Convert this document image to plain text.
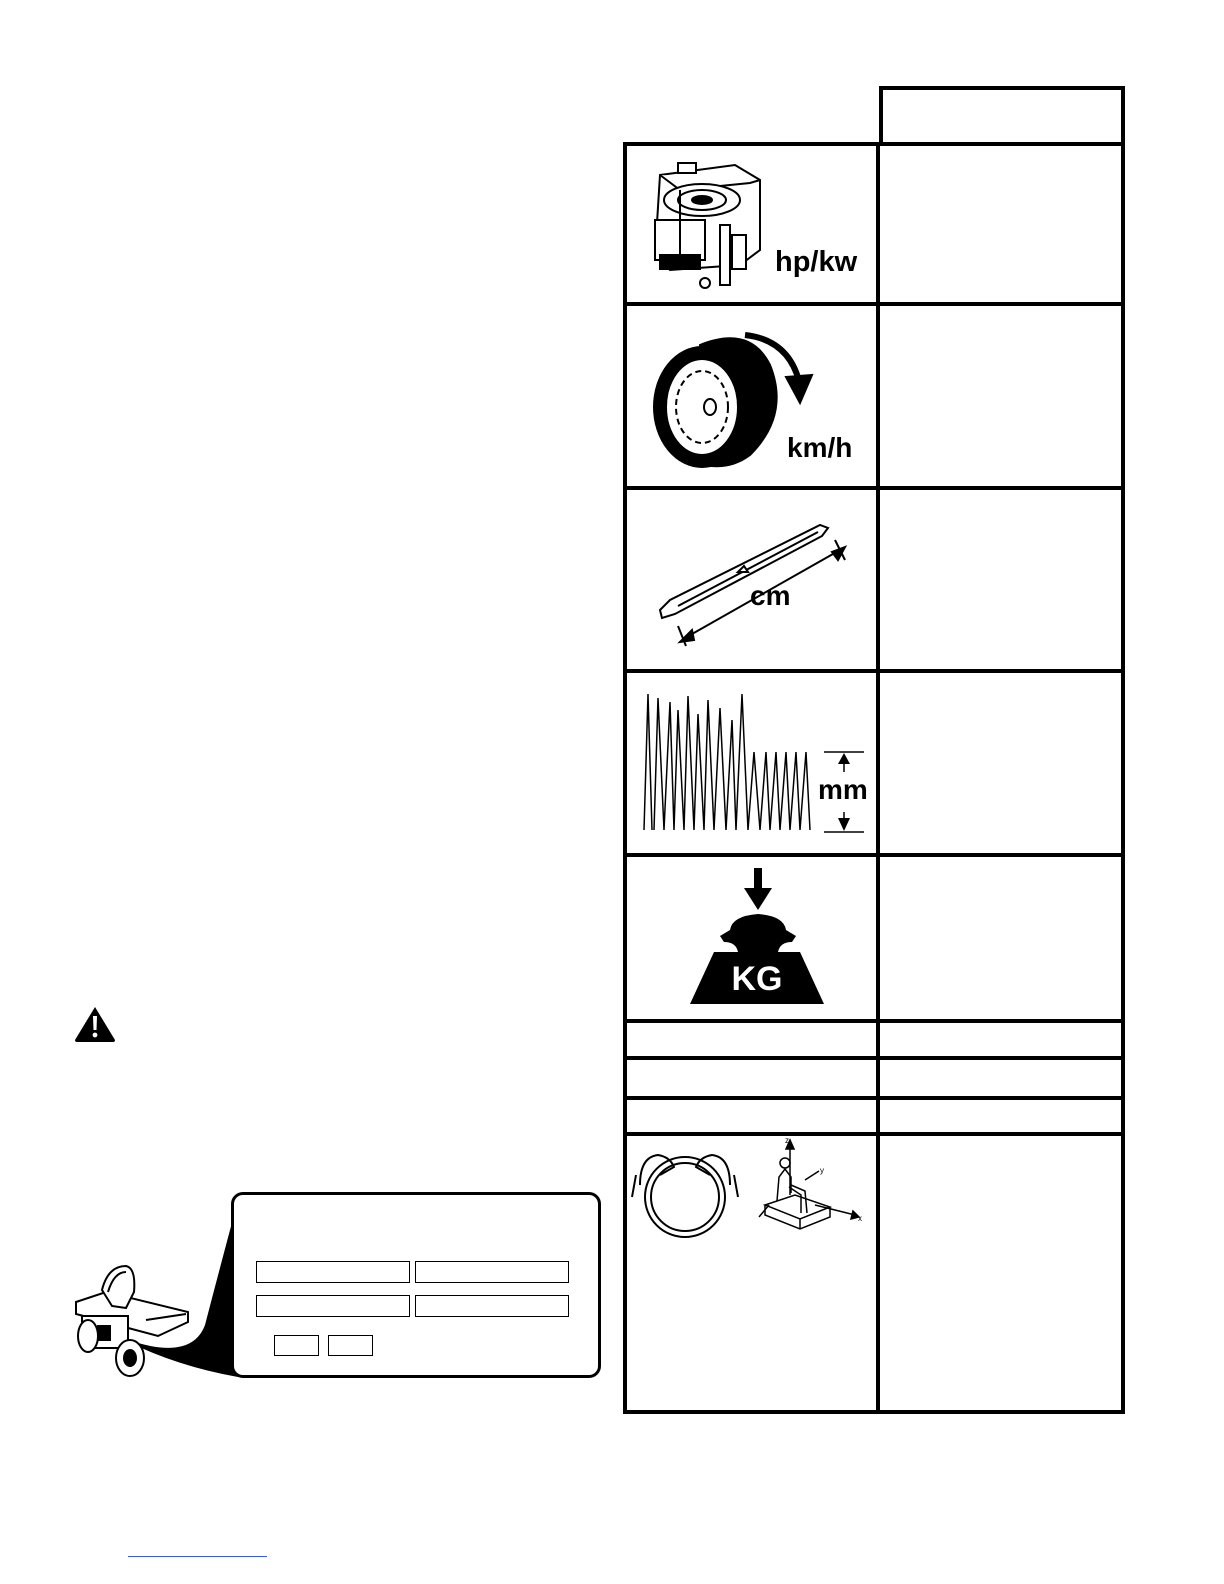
hp/kw
km/h
cm
mm
KG
z
y
x
